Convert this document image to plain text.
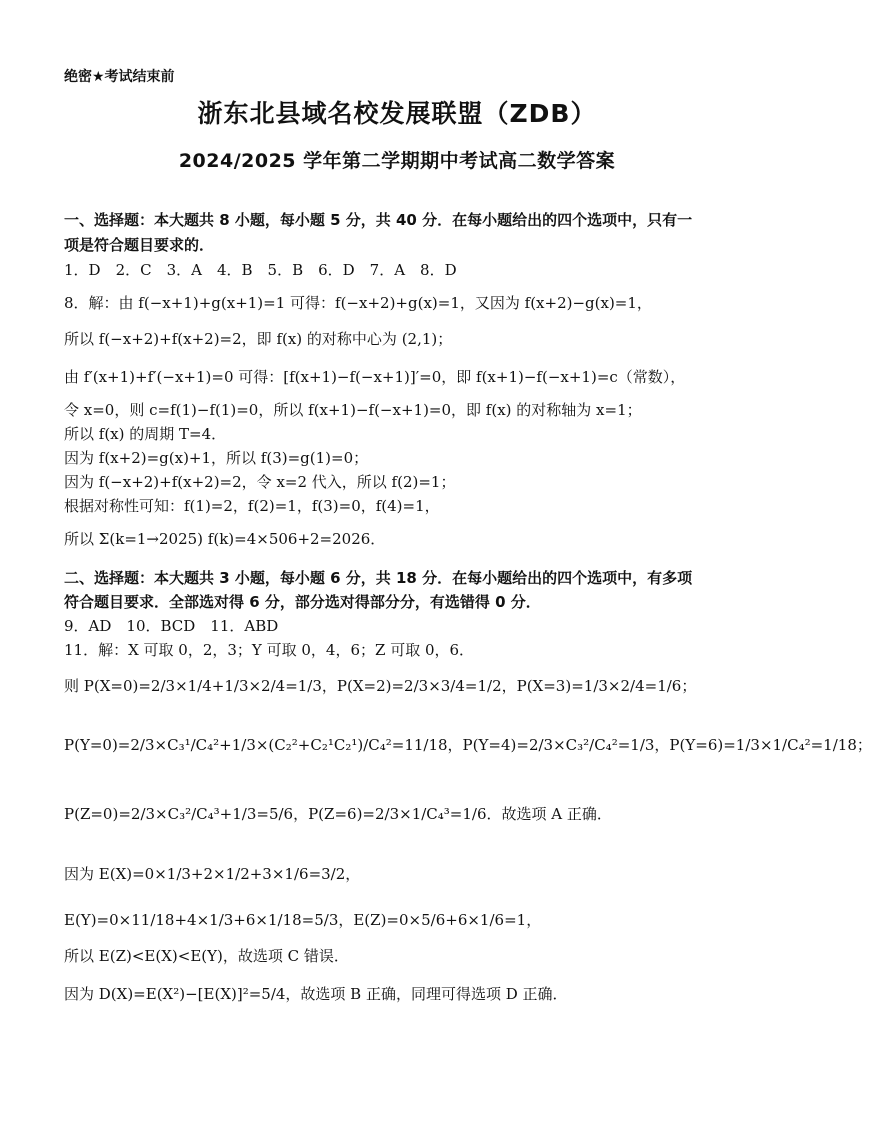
绝密★考试结束前
浙东北县域名校发展联盟（ZDB）
2024/2025 学年第二学期期中考试高二数学答案
一、选择题：本大题共 8 小题，每小题 5 分，共 40 分．在每小题给出的四个选项中，只有一
项是符合题目要求的．
1．D　2．C　3．A　4．B　5．B　6．D　7．A　8．D
8．解：由 f(−x+1)+g(x+1)=1 可得：f(−x+2)+g(x)=1，又因为 f(x+2)−g(x)=1，
所以 f(−x+2)+f(x+2)=2，即 f(x) 的对称中心为 (2,1)；
由 f′(x+1)+f′(−x+1)=0 可得：[f(x+1)−f(−x+1)]′=0，即 f(x+1)−f(−x+1)=c（常数），
令 x=0，则 c=f(1)−f(1)=0，所以 f(x+1)−f(−x+1)=0，即 f(x) 的对称轴为 x=1；
所以 f(x) 的周期 T=4．
因为 f(x+2)=g(x)+1，所以 f(3)=g(1)=0；
因为 f(−x+2)+f(x+2)=2，令 x=2 代入，所以 f(2)=1；
根据对称性可知：f(1)=2，f(2)=1，f(3)=0，f(4)=1，
所以 Σ(k=1→2025) f(k)=4×506+2=2026．
二、选择题：本大题共 3 小题，每小题 6 分，共 18 分．在每小题给出的四个选项中，有多项
符合题目要求．全部选对得 6 分，部分选对得部分分，有选错得 0 分．
9．AD　10．BCD　11．ABD
11．解：X 可取 0，2，3；Y 可取 0，4，6；Z 可取 0，6．
则 P(X=0)=2/3×1/4+1/3×2/4=1/3，P(X=2)=2/3×3/4=1/2，P(X=3)=1/3×2/4=1/6；
P(Y=0)=2/3×C₃¹/C₄²+1/3×(C₂²+C₂¹C₂¹)/C₄²=11/18，P(Y=4)=2/3×C₃²/C₄²=1/3，P(Y=6)=1/3×1/C₄²=1/18；
P(Z=0)=2/3×C₃²/C₄³+1/3=5/6，P(Z=6)=2/3×1/C₄³=1/6．故选项 A 正确．
因为 E(X)=0×1/3+2×1/2+3×1/6=3/2，
E(Y)=0×11/18+4×1/3+6×1/18=5/3，E(Z)=0×5/6+6×1/6=1，
所以 E(Z)<E(X)<E(Y)，故选项 C 错误．
因为 D(X)=E(X²)−[E(X)]²=5/4，故选项 B 正确，同理可得选项 D 正确．
